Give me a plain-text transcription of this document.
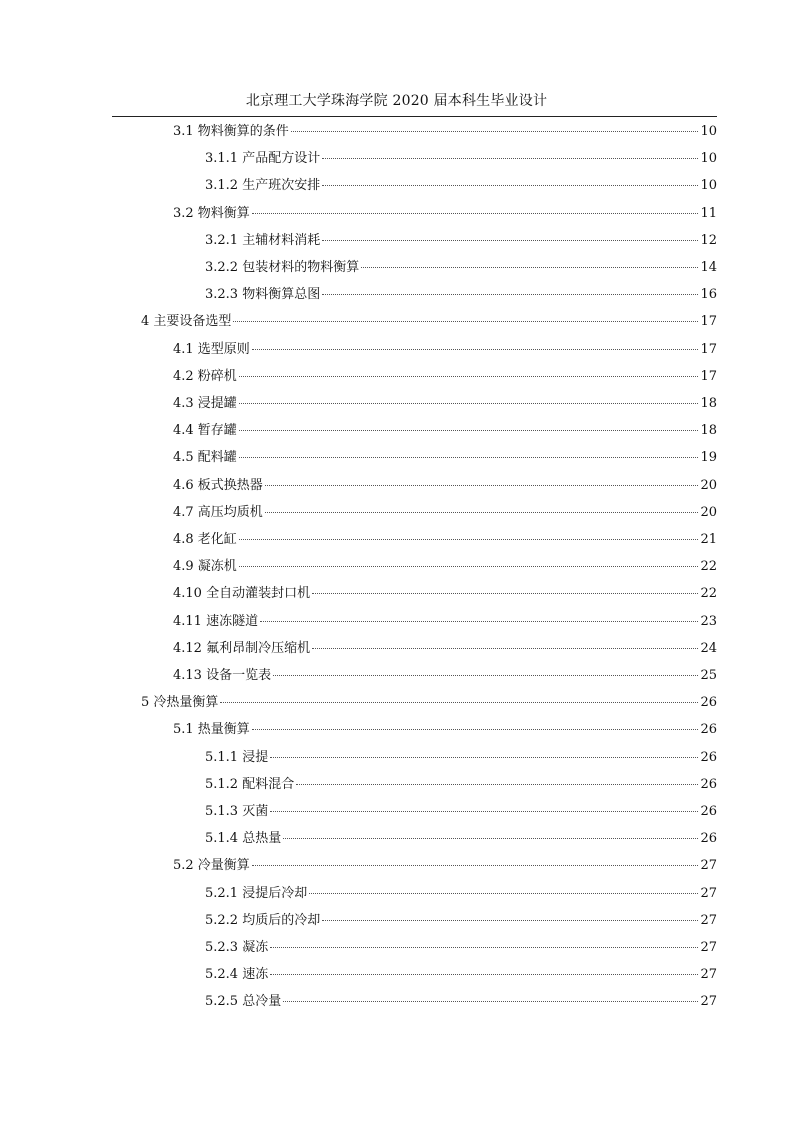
北京理工大学珠海学院 2020 届本科生毕业设计
3.1 物料衡算的条件	10
3.1.1 产品配方设计	10
3.1.2 生产班次安排	10
3.2 物料衡算	11
3.2.1 主辅材料消耗	12
3.2.2 包装材料的物料衡算	14
3.2.3 物料衡算总图	16
4 主要设备选型	17
4.1 选型原则	17
4.2 粉碎机	17
4.3 浸提罐	18
4.4 暂存罐	18
4.5 配料罐	19
4.6 板式换热器	20
4.7 高压均质机	20
4.8 老化缸	21
4.9 凝冻机	22
4.10 全自动灌装封口机	22
4.11 速冻隧道	23
4.12 氟利昂制冷压缩机	24
4.13 设备一览表	25
5 冷热量衡算	26
5.1 热量衡算	26
5.1.1 浸提	26
5.1.2 配料混合	26
5.1.3 灭菌	26
5.1.4 总热量	26
5.2 冷量衡算	27
5.2.1 浸提后冷却	27
5.2.2 均质后的冷却	27
5.2.3 凝冻	27
5.2.4 速冻	27
5.2.5 总冷量	27
